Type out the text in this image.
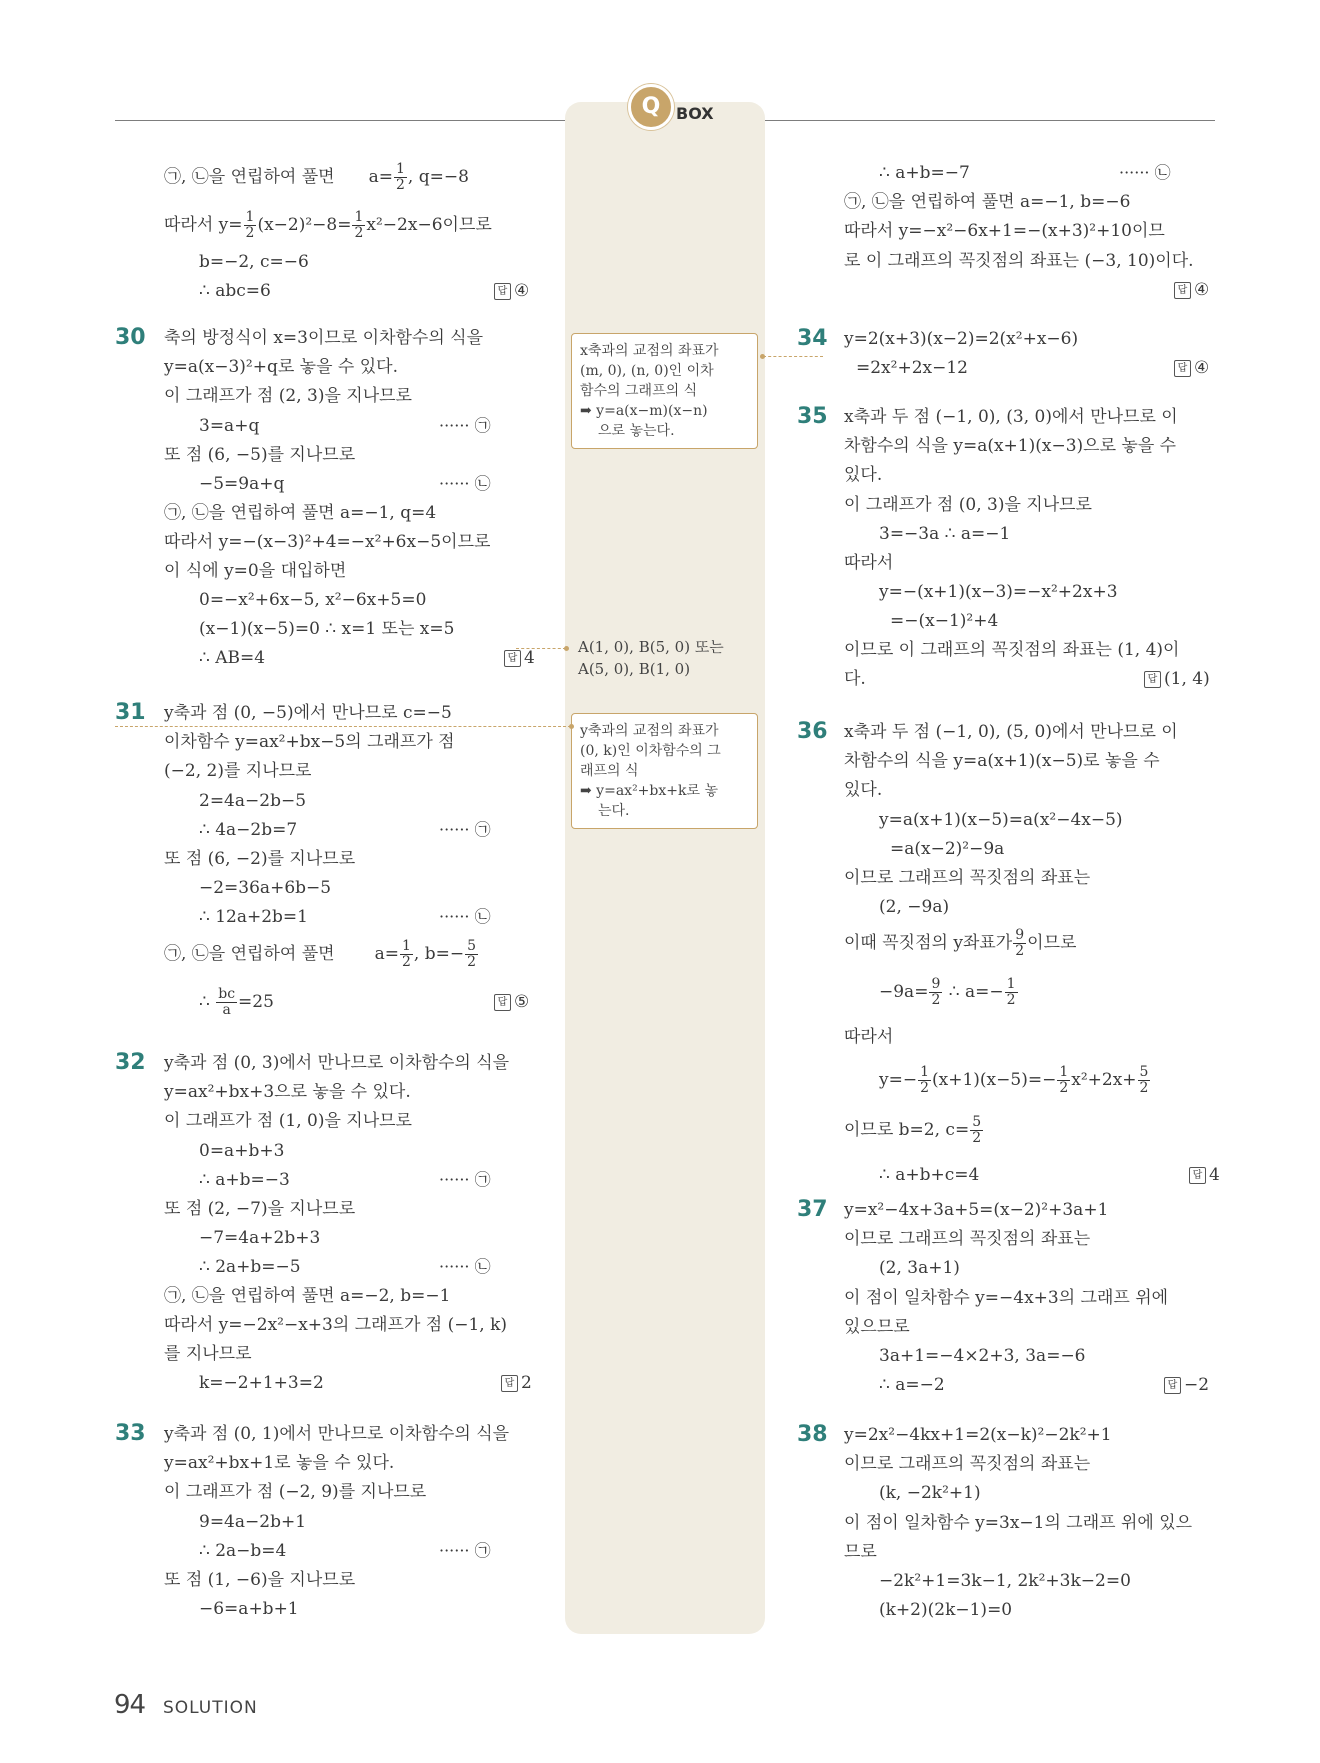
Q BOX
㉠, ㉡을 연립하여 풀면 $a= \frac{1}{2}$ , q=−8
따라서 $y= \frac{1}{2} (x-2)^2-8= \frac{1}{2} x^2-2x-6$이므로
b=−2, c=−6
∴ abc=6	답 ④
30 축의 방정식이 x=3이므로 이차함수의 식을
y=a(x−3)²+q로 놓을 수 있다.
이 그래프가 점 (2, 3)을 지나므로
3=a+q	······ ㉠
또 점 (6, −5)를 지나므로
−5=9a+q	······ ㉡
㉠, ㉡을 연립하여 풀면 a=−1, q=4
따라서 y=−(x−3)²+4=−x²+6x−5이므로
이 식에 y=0을 대입하면
0=−x²+6x−5, x²−6x+5=0
(x−1)(x−5)=0 ∴ x=1 또는 x=5
∴ AB=4	답 4
31 y축과 점 (0, −5)에서 만나므로 c=−5
이차함수 y=ax²+bx−5의 그래프가 점
(−2, 2)를 지나므로
2=4a−2b−5
∴ 4a−2b=7	······ ㉠
또 점 (6, −2)를 지나므로
−2=36a+6b−5
∴ 12a+2b=1	······ ㉡
㉠, ㉡을 연립하여 풀면 $a= \frac{1}{2}$ , $b=- \frac{5}{2}$
∴ $\frac{bc}{a} =25$	답 ⑤
32 y축과 점 (0, 3)에서 만나므로 이차함수의 식을
y=ax²+bx+3으로 놓을 수 있다.
이 그래프가 점 (1, 0)을 지나므로
0=a+b+3
∴ a+b=−3	······ ㉠
또 점 (2, −7)을 지나므로
−7=4a+2b+3
∴ 2a+b=−5	······ ㉡
㉠, ㉡을 연립하여 풀면 a=−2, b=−1
따라서 y=−2x²−x+3의 그래프가 점 (−1, k)
를 지나므로
k=−2+1+3=2	답 2
33 y축과 점 (0, 1)에서 만나므로 이차함수의 식을
y=ax²+bx+1로 놓을 수 있다.
이 그래프가 점 (−2, 9)를 지나므로
9=4a−2b+1
∴ 2a−b=4	······ ㉠
또 점 (1, −6)을 지나므로
−6=a+b+1
x축과의 교점의 좌표가
(m, 0), (n, 0)인 이차
함수의 그래프의 식
➡ y=a(x−m)(x−n)
으로 놓는다.
A(1, 0), B(5, 0) 또는
A(5, 0), B(1, 0)
y축과의 교점의 좌표가
(0, k)인 이차함수의 그
래프의 식
➡ y=ax²+bx+k로 놓
는다.
∴ a+b=−7	······ ㉡
㉠, ㉡을 연립하여 풀면 a=−1, b=−6
따라서 y=−x²−6x+1=−(x+3)²+10이므
로 이 그래프의 꼭짓점의 좌표는 (−3, 10)이다.
답 ④
34 y=2(x+3)(x−2)=2(x²+x−6)
=2x²+2x−12	답 ④
35 x축과 두 점 (−1, 0), (3, 0)에서 만나므로 이
차함수의 식을 y=a(x+1)(x−3)으로 놓을 수
있다.
이 그래프가 점 (0, 3)을 지나므로
3=−3a ∴ a=−1
따라서
y=−(x+1)(x−3)=−x²+2x+3
=−(x−1)²+4
이므로 이 그래프의 꼭짓점의 좌표는 (1, 4)이
다.	답 (1, 4)
36 x축과 두 점 (−1, 0), (5, 0)에서 만나므로 이
차함수의 식을 y=a(x+1)(x−5)로 놓을 수
있다.
y=a(x+1)(x−5)=a(x²−4x−5)
=a(x−2)²−9a
이므로 그래프의 꼭짓점의 좌표는
(2, −9a)
이때 꼭짓점의 y좌표가 $\frac{9}{2}$ 이므로
$-9a= \frac{9}{2}$ ∴ $a=- \frac{1}{2}$
따라서
$y=- \frac{1}{2} (x+1)(x-5)=- \frac{1}{2} x^2+2x+ \frac{5}{2}$
이므로 b=2, $c= \frac{5}{2}$
∴ a+b+c=4	답 4
37 y=x²−4x+3a+5=(x−2)²+3a+1
이므로 그래프의 꼭짓점의 좌표는
(2, 3a+1)
이 점이 일차함수 y=−4x+3의 그래프 위에
있으므로
3a+1=−4×2+3, 3a=−6
∴ a=−2	답 −2
38 y=2x²−4kx+1=2(x−k)²−2k²+1
이므로 그래프의 꼭짓점의 좌표는
(k, −2k²+1)
이 점이 일차함수 y=3x−1의 그래프 위에 있으
므로
−2k²+1=3k−1, 2k²+3k−2=0
(k+2)(2k−1)=0
94 SOLUTION
